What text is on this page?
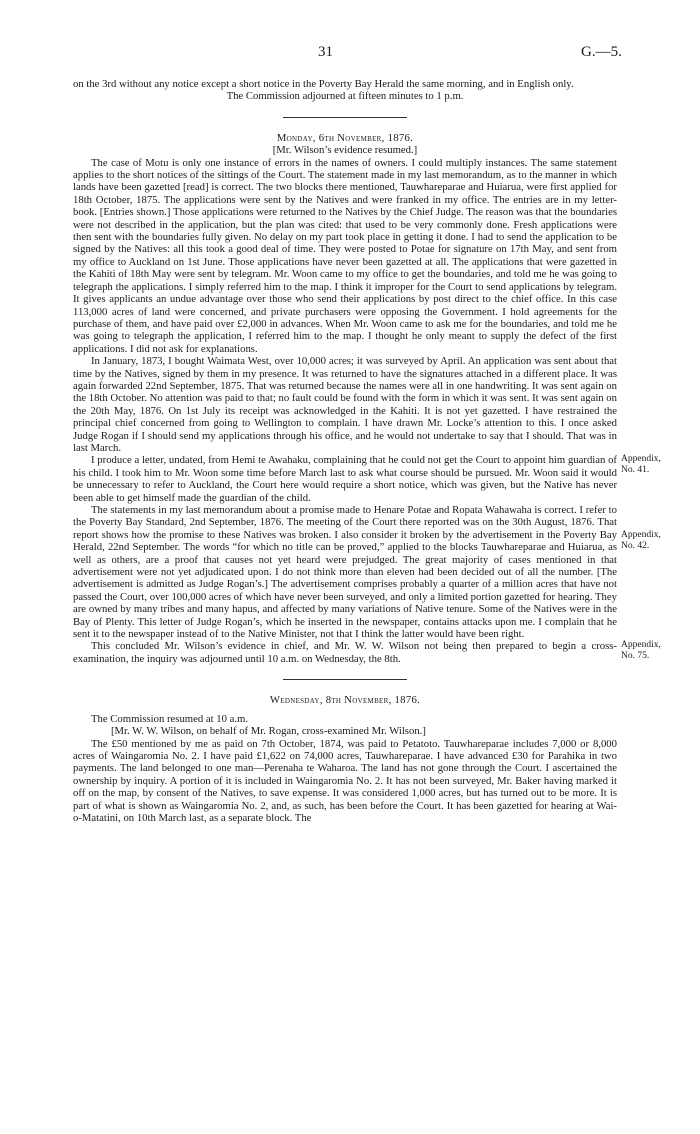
31	G.—5.

on the 3rd without any notice except a short notice in the Poverty Bay Herald the same morning, and in English only.

The Commission adjourned at fifteen minutes to 1 p.m.

Monday, 6th November, 1876.

[Mr. Wilson’s evidence resumed.]

The case of Motu is only one instance of errors in the names of owners. I could multiply instances. The same statement applies to the short notices of the sittings of the Court. The statement made in my last memorandum, as to the manner in which lands have been gazetted [read] is correct. The two blocks there mentioned, Tauwhareparae and Huiarua, were first applied for 18th October, 1875. The applications were sent by the Natives and were franked in my office. The entries are in my letter-book. [Entries shown.] Those applications were returned to the Natives by the Chief Judge. The reason was that the boundaries were not described in the application, but the plan was cited: that used to be very commonly done. Fresh applications were then sent with the boundaries fully given. No delay on my part took place in getting it done. I had to send the application to be signed by the Natives: all this took a good deal of time. They were posted to Potae for signature on 17th May, and sent from my office to Auckland on 1st June. Those applications have never been gazetted at all. The applications that were gazetted in the Kahiti of 18th May were sent by telegram. Mr. Woon came to my office to get the boundaries, and told me he was going to telegraph the applications. I simply referred him to the map. I think it improper for the Court to send applications by telegram. It gives applicants an undue advantage over those who send their applications by post direct to the chief office. In this case 113,000 acres of land were concerned, and private purchasers were opposing the Government. I hold agreements for the purchase of them, and have paid over £2,000 in advances. When Mr. Woon came to ask me for the boundaries, and told me he was going to telegraph the application, I referred him to the map. I thought he only meant to supply the defect of the first applications. I did not ask for explanations.

In January, 1873, I bought Waimata West, over 10,000 acres; it was surveyed by April. An application was sent about that time by the Natives, signed by them in my presence. It was returned to have the signatures attached in a different place. It was again forwarded 22nd September, 1875. That was returned because the names were all in one handwriting. It was sent again on the 18th October. No attention was paid to that; no fault could be found with the form in which it was sent. It was sent again on the 20th May, 1876. On 1st July its receipt was acknowledged in the Kahiti. It is not yet gazetted. I have restrained the principal chief concerned from going to Wellington to complain. I have drawn Mr. Locke’s attention to this. I once asked Judge Rogan if I should send my applications through his office, and he would not undertake to say that I should. That was in last March.

I produce a letter, undated, from Hemi te Awahaku, complaining that he could not get the Court to appoint him guardian of his child. I took him to Mr. Woon some time before March last to ask what course should be pursued. Mr. Woon said it would be unnecessary to refer to Auckland, the Court here would require a short notice, which was given, but the Native has never been able to get himself made the guardian of the child.

Appendix, No. 41.

The statements in my last memorandum about a promise made to Henare Potae and Ropata Wahawaha is correct. I refer to the Poverty Bay Standard, 2nd September, 1876. The meeting of the Court there reported was on the 30th August, 1876. That report shows how the promise to these Natives was broken. I also consider it broken by the advertisement in the Poverty Bay Herald, 22nd September. The words “for which no title can be proved,” applied to the blocks Tauwhareparae and Huiarua, as well as others, are a proof that causes not yet heard were prejudged. The great majority of cases mentioned in that advertisement were not yet adjudicated upon. I do not think more than eleven had been decided out of all the number. [The advertisement is admitted as Judge Rogan’s.] The advertisement comprises probably a quarter of a million acres that have not passed the Court, over 100,000 acres of which have never been surveyed, and only a limited portion gazetted for hearing. They are owned by many tribes and many hapus, and affected by many variations of Native tenure. Some of the Natives were in the Bay of Plenty. This letter of Judge Rogan’s, which he inserted in the newspaper, contains attacks upon me. I complain that he sent it to the newspaper instead of to the Native Minister, not that I think the latter would have been right.

Appendix, No. 42.
Appendix, No. 75.

This concluded Mr. Wilson’s evidence in chief, and Mr. W. W. Wilson not being then prepared to begin a cross-examination, the inquiry was adjourned until 10 a.m. on Wednesday, the 8th.

Wednesday, 8th November, 1876.

The Commission resumed at 10 a.m.

[Mr. W. W. Wilson, on behalf of Mr. Rogan, cross-examined Mr. Wilson.]

The £50 mentioned by me as paid on 7th October, 1874, was paid to Petatoto. Tauwhareparae includes 7,000 or 8,000 acres of Waingaromia No. 2. I have paid £1,622 on 74,000 acres, Tauwhareparae. I have advanced £30 for Parahika in two payments. The land belonged to one man—Perenaha te Waharoa. The land has not gone through the Court. I ascertained the ownership by inquiry. A portion of it is included in Waingaromia No. 2. It has not been surveyed, Mr. Baker having marked it off on the map, by consent of the Natives, to save expense. It was considered 1,000 acres, but has turned out to be more. It is part of what is shown as Waingaromia No. 2, and, as such, has been before the Court. It has been gazetted for hearing at Wai-o-Matatini, on 10th March last, as a separate block. The
